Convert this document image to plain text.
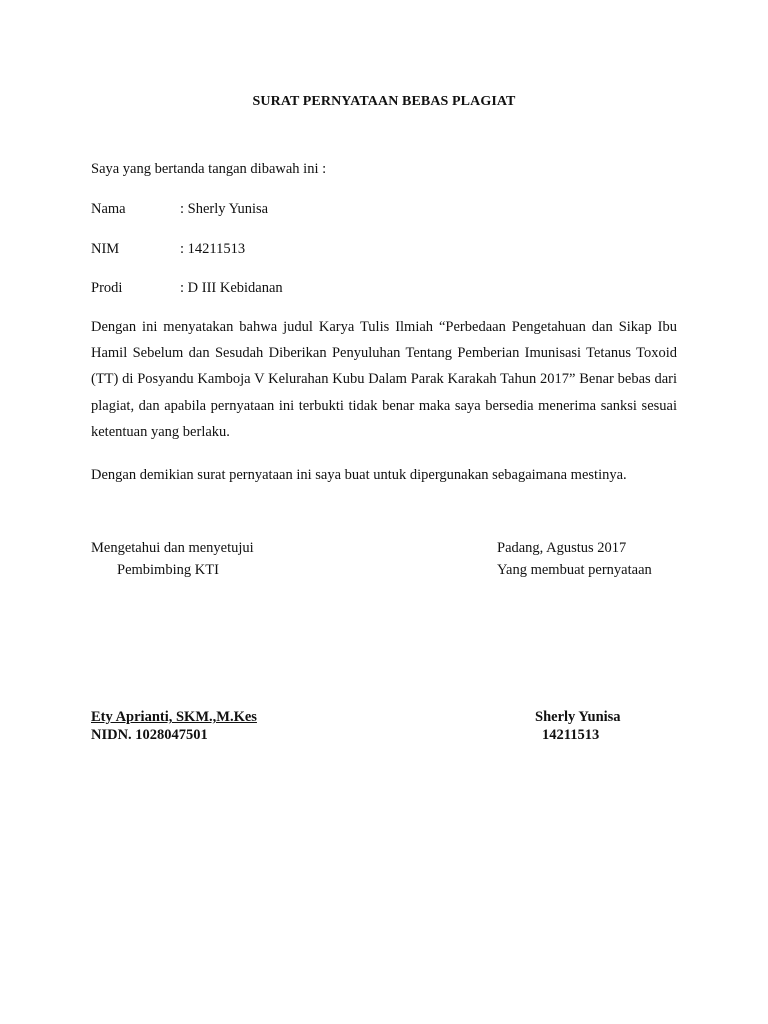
SURAT PERNYATAAN BEBAS PLAGIAT
Saya yang bertanda tangan dibawah ini :
Nama	: Sherly Yunisa
NIM	: 14211513
Prodi	: D III Kebidanan
Dengan ini menyatakan bahwa judul Karya Tulis Ilmiah “Perbedaan Pengetahuan dan Sikap Ibu Hamil Sebelum dan Sesudah Diberikan Penyuluhan Tentang Pemberian Imunisasi Tetanus Toxoid (TT) di Posyandu Kamboja V Kelurahan Kubu Dalam Parak Karakah Tahun 2017” Benar bebas dari plagiat, dan apabila pernyataan ini terbukti tidak benar maka saya bersedia menerima sanksi sesuai ketentuan yang berlaku.
Dengan demikian surat pernyataan ini saya buat untuk dipergunakan sebagaimana mestinya.
Mengetahui dan menyetujui
Pembimbing KTI
Padang, Agustus 2017
Yang membuat pernyataan
Ety Aprianti, SKM.,M.Kes
NIDN. 1028047501
Sherly Yunisa
14211513
